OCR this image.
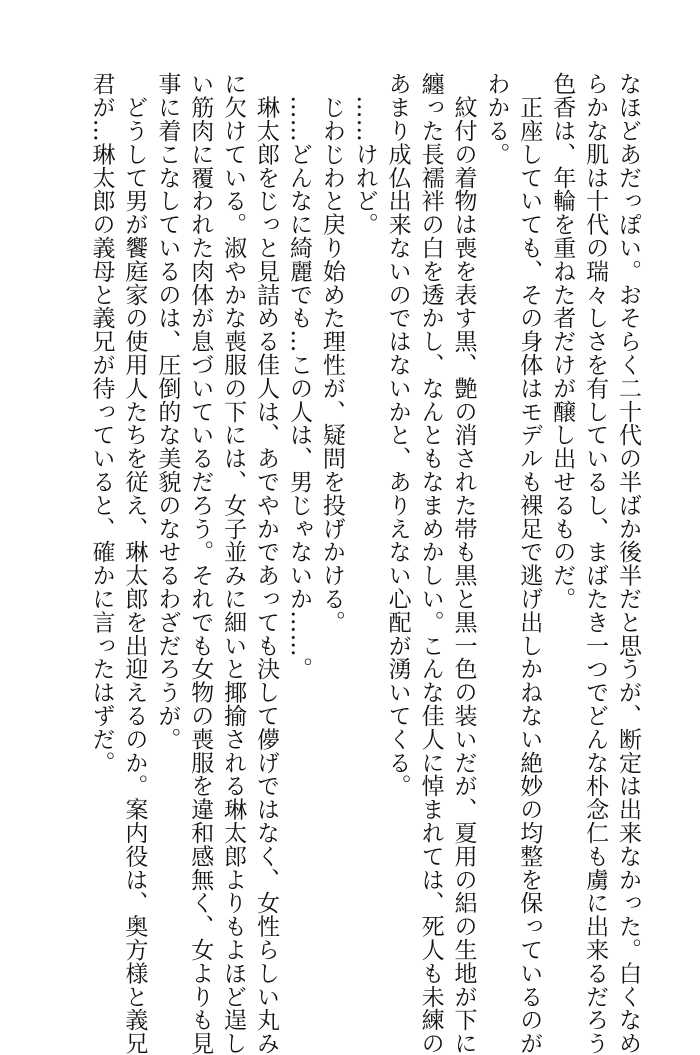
なほどあだっぽい。おそらく二十代の半ばか後半だと思うが、断定は出来なかった。白くなめ
らかな肌は十代の瑞々しさを有しているし、まばたき一つでどんな朴念仁も虜に出来るだろう
色香は、年輪を重ねた者だけが醸し出せるものだ。
　正座していても、その身体はモデルも裸足で逃げ出しかねない絶妙の均整を保っているのが
わかる。
　紋付の着物は喪を表す黒、艶の消された帯も黒と黒一色の装いだが、夏用の絽の生地が下に
纏った長襦袢の白を透かし、なんともなまめかしい。こんな佳人に悼まれては、死人も未練の
あまり成仏出来ないのではないかと、ありえない心配が湧いてくる。
　……けれど。
　じわじわと戻り始めた理性が、疑問を投げかける。
　……どんなに綺麗でも…この人は、男じゃないか……。
　琳太郎をじっと見詰める佳人は、あでやかであっても決して儚げではなく、女性らしい丸み
に欠けている。淑やかな喪服の下には、女子並みに細いと揶揄される琳太郎よりもよほど逞し
い筋肉に覆われた肉体が息づいているだろう。それでも女物の喪服を違和感無く、女よりも見
事に着こなしているのは、圧倒的な美貌のなせるわざだろうが。
　どうして男が饗庭家の使用人たちを従え、琳太郎を出迎えるのか。案内役は、奥方様と義兄
君が…琳太郎の義母と義兄が待っていると、確かに言ったはずだ。
